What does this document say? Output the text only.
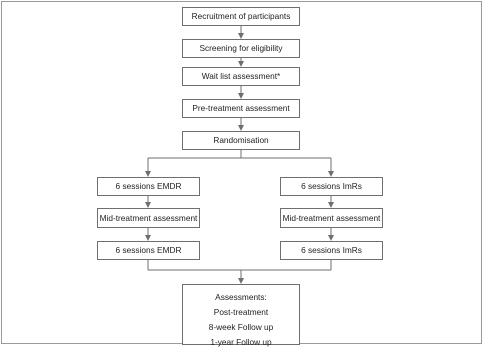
Recruitment of participants
Screening for eligibility
Wait list assessment*
Pre-treatment assessment
Randomisation
6 sessions EMDR
Mid-treatment assessment
6 sessions EMDR
6 sessions ImRs
Mid-treatment assessment
6 sessions ImRs
Assessments:
Post-treatment
8-week Follow up
1-year Follow up
